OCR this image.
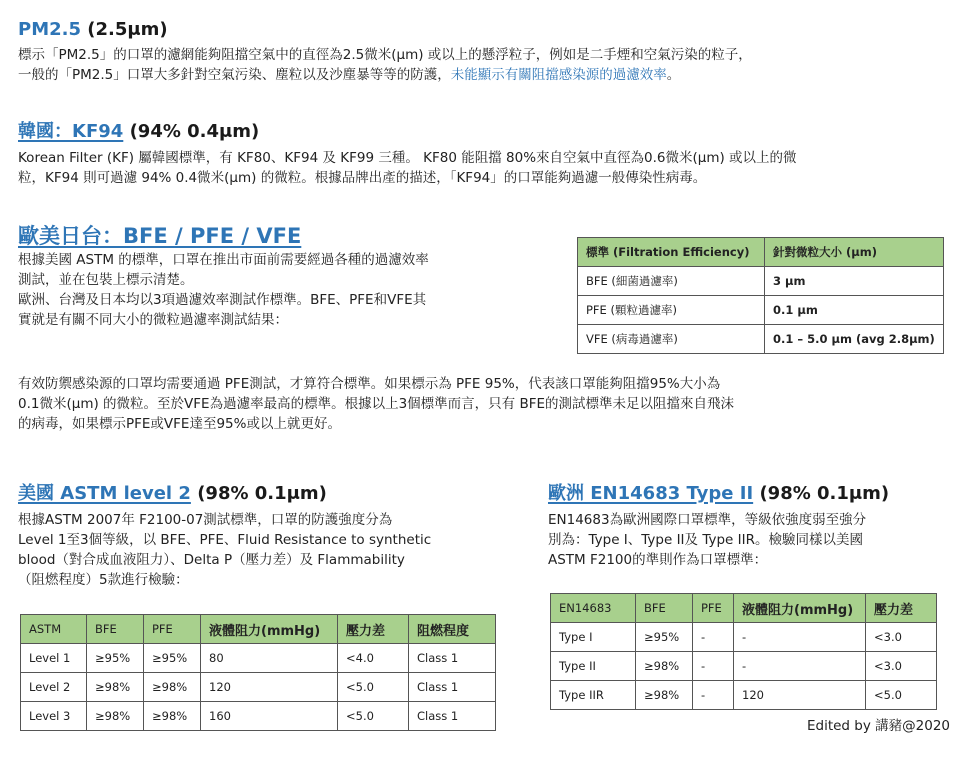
PM2.5 (2.5μm)
標示「PM2.5」的口罩的濾網能夠阻擋空氣中的直徑為2.5微米(μm) 或以上的懸浮粒子，例如是二手煙和空氣污染的粒子，
一般的「PM2.5」口罩大多針對空氣污染、塵粒以及沙塵暴等等的防護，未能顯示有關阻擋感染源的過濾效率。
韓國：KF94 (94% 0.4μm)
Korean Filter (KF) 屬韓國標準，有 KF80、KF94 及 KF99 三種。 KF80 能阻擋 80%來自空氣中直徑為0.6微米(μm) 或以上的微
粒，KF94 則可過濾 94% 0.4微米(μm) 的微粒。根據品牌出產的描述，「KF94」的口罩能夠過濾一般傳染性病毒。
歐美日台：BFE / PFE / VFE
根據美國 ASTM 的標準，口罩在推出市面前需要經過各種的過濾效率
測試，並在包裝上標示清楚。
歐洲、台灣及日本均以3項過濾效率測試作標準。BFE、PFE和VFE其
實就是有關不同大小的微粒過濾率測試結果：
標準 (Filtration Efficiency)	針對微粒大小 (μm)
BFE (細菌過濾率)	3 μm
PFE (顆粒過濾率)	0.1 μm
VFE (病毒過濾率)	0.1 – 5.0 μm (avg 2.8μm)
有效防禦感染源的口罩均需要通過 PFE測試，才算符合標準。如果標示為 PFE 95%，代表該口罩能夠阻擋95%大小為
0.1微米(μm) 的微粒。至於VFE為過濾率最高的標準。根據以上3個標準而言，只有 BFE的測試標準未足以阻擋來自飛沫
的病毒，如果標示PFE或VFE達至95%或以上就更好。
美國 ASTM level 2 (98% 0.1μm)
根據ASTM 2007年 F2100-07測試標準，口罩的防護強度分為
Level 1至3個等級，以 BFE、PFE、Fluid Resistance to synthetic
blood（對合成血液阻力）、Delta P（壓力差）及 Flammability
（阻燃程度）5款進行檢驗：
ASTM	BFE	PFE	液體阻力(mmHg)	壓力差	阻燃程度
Level 1	≥95%	≥95%	80	<4.0	Class 1
Level 2	≥98%	≥98%	120	<5.0	Class 1
Level 3	≥98%	≥98%	160	<5.0	Class 1
歐洲 EN14683 Type II (98% 0.1μm)
EN14683為歐洲國際口罩標準，等級依強度弱至強分
別為：Type I、Type II及 Type IIR。檢驗同樣以美國
ASTM F2100的準則作為口罩標準：
EN14683	BFE	PFE	液體阻力(mmHg)	壓力差
Type I	≥95%	-	-	<3.0
Type II	≥98%	-	-	<3.0
Type IIR	≥98%	-	120	<5.0
Edited by 講豬@2020
